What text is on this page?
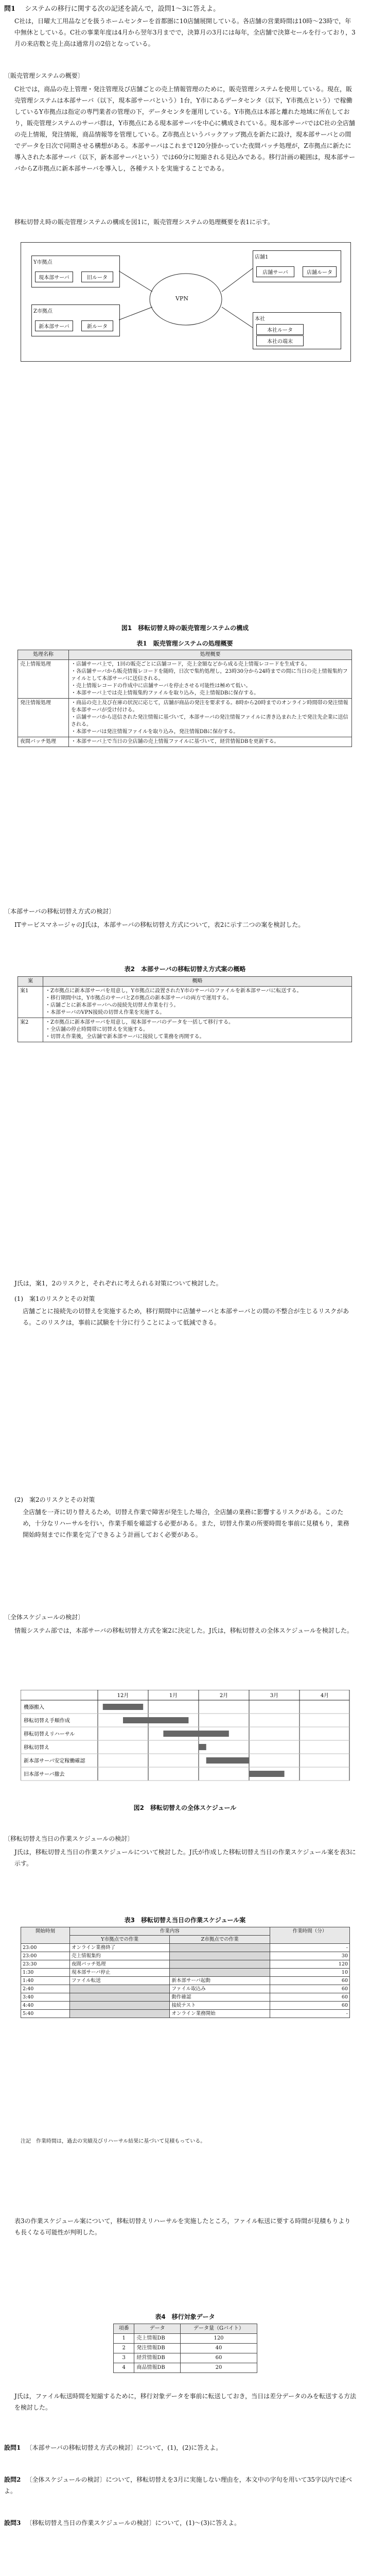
問1 システムの移行に関する次の記述を読んで，設問1〜3に答えよ。
C社は，日曜大工用品などを扱うホームセンターを首都圏に10店舗展開している。各店舗の営業時間は10時〜23時で，年中無休としている。C社の事業年度は4月から翌年3月までで，決算月の3月には毎年，全店舗で決算セールを行っており，3月の来店数と売上高は通常月の2倍となっている。
〔販売管理システムの概要〕
C社では，商品の売上管理・発注管理及び店舗ごとの売上情報管理のために，販売管理システムを使用している。現在，販売管理システムは本部サーバ（以下，現本部サーバという）1台，Y市にあるデータセンタ（以下，Y市拠点という）で稼働しているY市拠点は指定の専門業者の管理の下，データセンタを運用している。Y市拠点は本部と離れた地域に所在しており，販売管理システムのサーバ群は，Y市拠点にある現本部サーバを中心に構成されている。現本部サーバではC社の全店舗の売上情報，発注情報，商品情報等を管理している。Z市拠点というバックアップ拠点を新たに設け，現本部サーバとの間でデータを日次で同期させる構想がある。本部サーバはこれまで120分掛かっていた夜間バッチ処理が，Z市拠点に新たに導入された本部サーバ（以下，新本部サーバという）では60分に短縮される見込みである。移行計画の範囲は，現本部サーバからZ市拠点に新本部サーバを導入し，各種テストを実施することである。
移転切替え時の販売管理システムの構成を図1に，販売管理システムの処理概要を表1に示す。
Y市拠点
現本部サーバ	旧ルータ
Z市拠点
新本部サーバ	新ルータ
VPN
店舗1
店舗サーバ	店舗ルータ
本社
本社ルータ
本社の端末
図1　移転切替え時の販売管理システムの構成
表1　販売管理システムの処理概要
処理名称	処理概要
売上情報処理	・店舗サーバ上で，1回の販売ごとに店舗コード，売上金額などから成る売上情報レコードを生成する。
・各店舗サーバから販売情報レコードを随時，日次で集約処理し，23時30分から24時までの間に当日の売上情報集約ファイルとして本部サーバに送信される。
・売上情報レコードの作成中に店舗サーバを停止させる可能性は極めて低い。
・本部サーバ上では売上情報集約ファイルを取り込み，売上情報DBに保存する。
発注情報処理	・商品の売上及び在庫の状況に応じて，店舗が商品の発注を要求する。8時から20時までのオンライン時間帯の発注情報を本部サーバが受け付ける。
・店舗サーバから送信された発注情報に基づいて，本部サーバの発注情報ファイルに書き込まれた上で発注先企業に送信される。
・本部サーバは発注情報ファイルを取り込み，発注情報DBに保存する。
夜間バッチ処理	・本部サーバ上で当日の全店舗の売上情報ファイルに基づいて，経営情報DBを更新する。
〔本部サーバの移転切替え方式の検討〕
ITサービスマネージャのJ氏は，本部サーバの移転切替え方式について，表2に示す二つの案を検討した。
表2　本部サーバの移転切替え方式案の概略
案	概略
案1	・Z市拠点に新本部サーバを用意し，Y市拠点に設置されたY市のサーバのファイルを新本部サーバに転送する。
・移行期間中は，Y市拠点のサーバとZ市拠点の新本部サーバの両方で運用する。
・店舗ごとに新本部サーバへの接続先切替え作業を行う。
・本部サーバのVPN接続の切替え作業を実施する。
案2	・Z市拠点に新本部サーバを用意し，現本部サーバのデータを一括して移行する。
・全店舗の停止時間帯に切替えを実施する。
・切替え作業後，全店舗で新本部サーバに接続して業務を再開する。
J氏は，案1，2のリスクと，それぞれに考えられる対策について検討した。
(1)　案1のリスクとその対策
店舗ごとに接続先の切替えを実施するため，移行期間中に店舗サーバと本部サーバとの間の不整合が生じるリスクがある。このリスクは，事前に試験を十分に行うことによって低減できる。
(2)　案2のリスクとその対策
全店舗を一斉に切り替えるため，切替え作業で障害が発生した場合，全店舗の業務に影響するリスクがある。このため，十分なリハーサルを行い，作業手順を確認する必要がある。また，切替え作業の所要時間を事前に見積もり，業務開始時刻までに作業を完了できるよう計画しておく必要がある。
〔全体スケジュールの検討〕
情報システム部では，本部サーバの移転切替え方式を案2に決定した。J氏は，移転切替えの全体スケジュールを検討した。
12月	1月	2月	3月	4月
機器搬入
移転切替え手順作成
移転切替えリハーサル
移転切替え
新本部サーバ安定稼働確認
旧本部サーバ撤去
図2　移転切替えの全体スケジュール
〔移転切替え当日の作業スケジュールの検討〕
J氏は，移転切替え当日の作業スケジュールについて検討した。J氏が作成した移転切替え当日の作業スケジュール案を表3に示す。
表3　移転切替え当日の作業スケジュール案
開始時刻	作業内容		作業時間（分）
	Y市拠点での作業	Z市拠点での作業	
23:00	オンライン業務終了		-
23:00	売上情報集約		30
23:30	夜間バッチ処理		120
1:30	現本部サーバ停止		10
1:40	ファイル転送	新本部サーバ起動	60
2:40		ファイル取込み	60
3:40		動作確認	60
4:40		接続テスト	60
5:40		オンライン業務開始	-
注記　作業時間は，過去の実績及びリハーサル結果に基づいて見積もっている。
表3の作業スケジュール案について，移転切替えリハーサルを実施したところ，ファイル転送に要する時間が見積もりよりも長くなる可能性が判明した。
表4　移行対象データ
項番	データ	データ量（Gバイト）
1	売上情報DB	120
2	発注情報DB	40
3	経営情報DB	60
4	商品情報DB	20
J氏は，ファイル転送時間を短縮するために，移行対象データを事前に転送しておき，当日は差分データのみを転送する方法を検討した。
設問1 〔本部サーバの移転切替え方式の検討〕について，(1)，(2)に答えよ。
設問2 〔全体スケジュールの検討〕について，移転切替えを3月に実施しない理由を，本文中の字句を用いて35字以内で述べよ。
設問3 〔移転切替え当日の作業スケジュールの検討〕について，(1)〜(3)に答えよ。
